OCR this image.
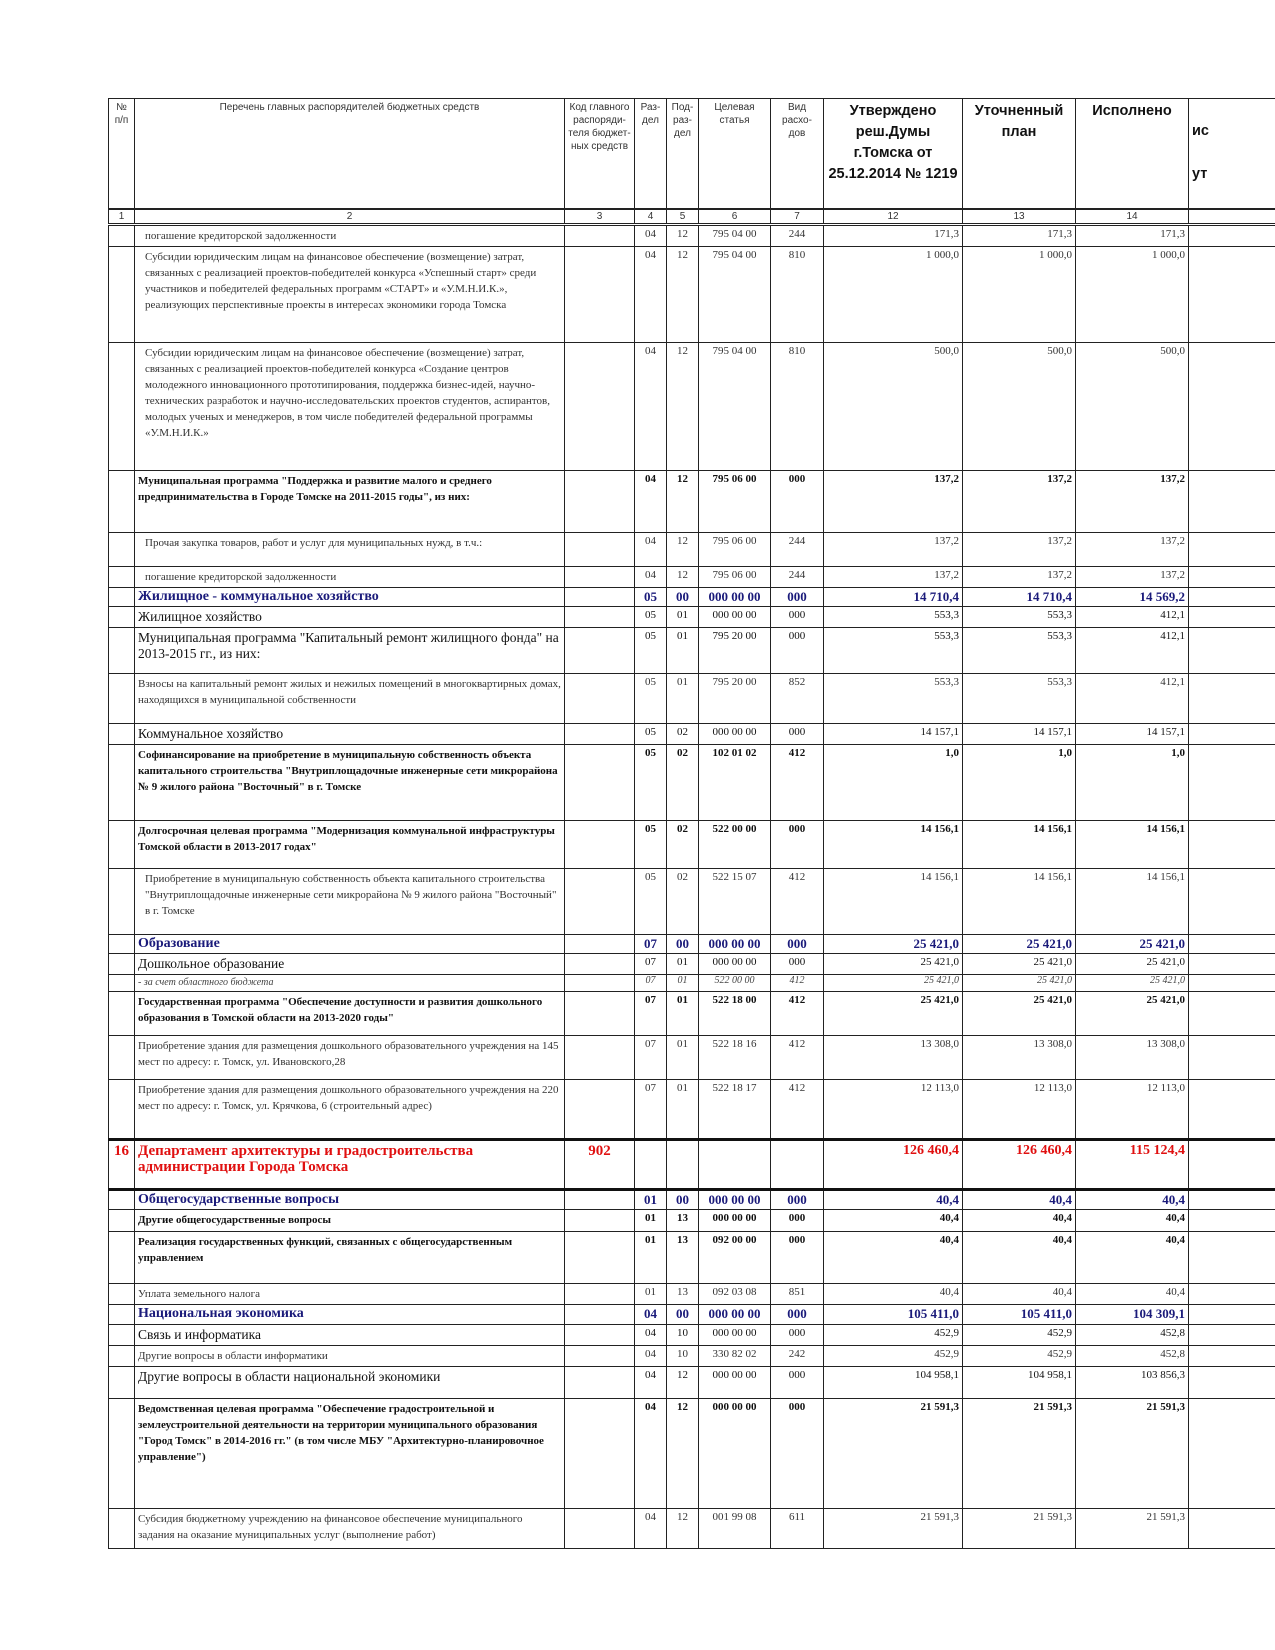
№ п/п	Перечень главных распорядителей бюджетных средств	Код главного распоряди-теля бюджет-ных средств	Раз-дел	Под-раз-дел	Целевая статья	Вид расхо-дов	Утверждено реш.Думы г.Томска от 25.12.2014 № 1219	Уточненный план	Исполнено	ис
ут

1	2	3	4	5	6	7	12	13	14	
	погашение кредиторской задолженности		04	12	795 04 00	244	171,3	171,3	171,3	
	Субсидии юридическим лицам на финансовое обеспечение (возмещение) затрат, связанных с реализацией проектов-победителей конкурса «Успешный старт» среди участников и победителей федеральных программ «СТАРТ» и «У.М.Н.И.К.», реализующих перспективные проекты в интересах экономики города Томска		04	12	795 04 00	810	1 000,0	1 000,0	1 000,0	
	Субсидии юридическим лицам на финансовое обеспечение (возмещение) затрат, связанных с реализацией проектов-победителей конкурса «Создание центров молодежного инновационного прототипирования, поддержка бизнес-идей, научно-технических разработок и научно-исследовательских проектов студентов, аспирантов, молодых ученых и менеджеров, в том числе победителей федеральной программы «У.М.Н.И.К.»		04	12	795 04 00	810	500,0	500,0	500,0	
	Муниципальная программа "Поддержка и развитие малого и среднего предпринимательства в Городе Томске на 2011-2015 годы", из них:		04	12	795 06 00	000	137,2	137,2	137,2	
	Прочая закупка товаров, работ и услуг для муниципальных нужд, в т.ч.:		04	12	795 06 00	244	137,2	137,2	137,2	
	погашение кредиторской задолженности		04	12	795 06 00	244	137,2	137,2	137,2	
	Жилищное - коммунальное хозяйство		05	00	000 00 00	000	14 710,4	14 710,4	14 569,2	
	Жилищное хозяйство		05	01	000 00 00	000	553,3	553,3	412,1	
	Муниципальная программа "Капитальный ремонт жилищного фонда" на 2013-2015 гг., из них:		05	01	795 20 00	000	553,3	553,3	412,1	
	Взносы на капитальный ремонт жилых и нежилых помещений в многоквартирных домах, находящихся в муниципальной собственности		05	01	795 20 00	852	553,3	553,3	412,1	
	Коммунальное хозяйство		05	02	000 00 00	000	14 157,1	14 157,1	14 157,1	
	Софинансирование на приобретение в муниципальную собственность объекта капитального строительства "Внутриплощадочные инженерные сети микрорайона № 9 жилого района "Восточный" в г. Томске		05	02	102 01 02	412	1,0	1,0	1,0	
	Долгосрочная целевая программа "Модернизация коммунальной инфраструктуры Томской области в 2013-2017 годах"		05	02	522 00 00	000	14 156,1	14 156,1	14 156,1	
	Приобретение в муниципальную собственность объекта капитального строительства "Внутриплощадочные инженерные сети микрорайона № 9 жилого района "Восточный" в г. Томске		05	02	522 15 07	412	14 156,1	14 156,1	14 156,1	
	Образование		07	00	000 00 00	000	25 421,0	25 421,0	25 421,0	
	Дошкольное образование		07	01	000 00 00	000	25 421,0	25 421,0	25 421,0	
	- за счет областного бюджета		07	01	522 00 00	412	25 421,0	25 421,0	25 421,0	
	Государственная программа "Обеспечение доступности и развития дошкольного образования в Томской области на 2013-2020 годы"		07	01	522 18 00	412	25 421,0	25 421,0	25 421,0	
	Приобретение здания для размещения дошкольного образовательного учреждения на 145 мест по адресу: г. Томск, ул. Ивановского,28		07	01	522 18 16	412	13 308,0	13 308,0	13 308,0	
	Приобретение здания для размещения дошкольного образовательного учреждения на 220 мест по адресу: г. Томск, ул. Крячкова, 6 (строительный адрес)		07	01	522 18 17	412	12 113,0	12 113,0	12 113,0	
16	Департамент архитектуры и градостроительства администрации Города Томска	902					126 460,4	126 460,4	115 124,4	
	Общегосударственные вопросы		01	00	000 00 00	000	40,4	40,4	40,4	
	Другие общегосударственные вопросы		01	13	000 00 00	000	40,4	40,4	40,4	
	Реализация государственных функций, связанных с общегосударственным управлением		01	13	092 00 00	000	40,4	40,4	40,4	
	Уплата земельного налога		01	13	092 03 08	851	40,4	40,4	40,4	
	Национальная экономика		04	00	000 00 00	000	105 411,0	105 411,0	104 309,1	
	Связь и информатика		04	10	000 00 00	000	452,9	452,9	452,8	
	Другие вопросы в области информатики		04	10	330 82 02	242	452,9	452,9	452,8	
	Другие вопросы в области национальной экономики		04	12	000 00 00	000	104 958,1	104 958,1	103 856,3	
	Ведомственная целевая программа "Обеспечение градостроительной и землеустроительной деятельности на территории муниципального образования "Город Томск" в 2014-2016 гг." (в том числе МБУ "Архитектурно-планировочное управление")		04	12	000 00 00	000	21 591,3	21 591,3	21 591,3	
	Субсидия бюджетному учреждению на финансовое обеспечение муниципального задания на оказание муниципальных услуг (выполнение работ)		04	12	001 99 08	611	21 591,3	21 591,3	21 591,3	
